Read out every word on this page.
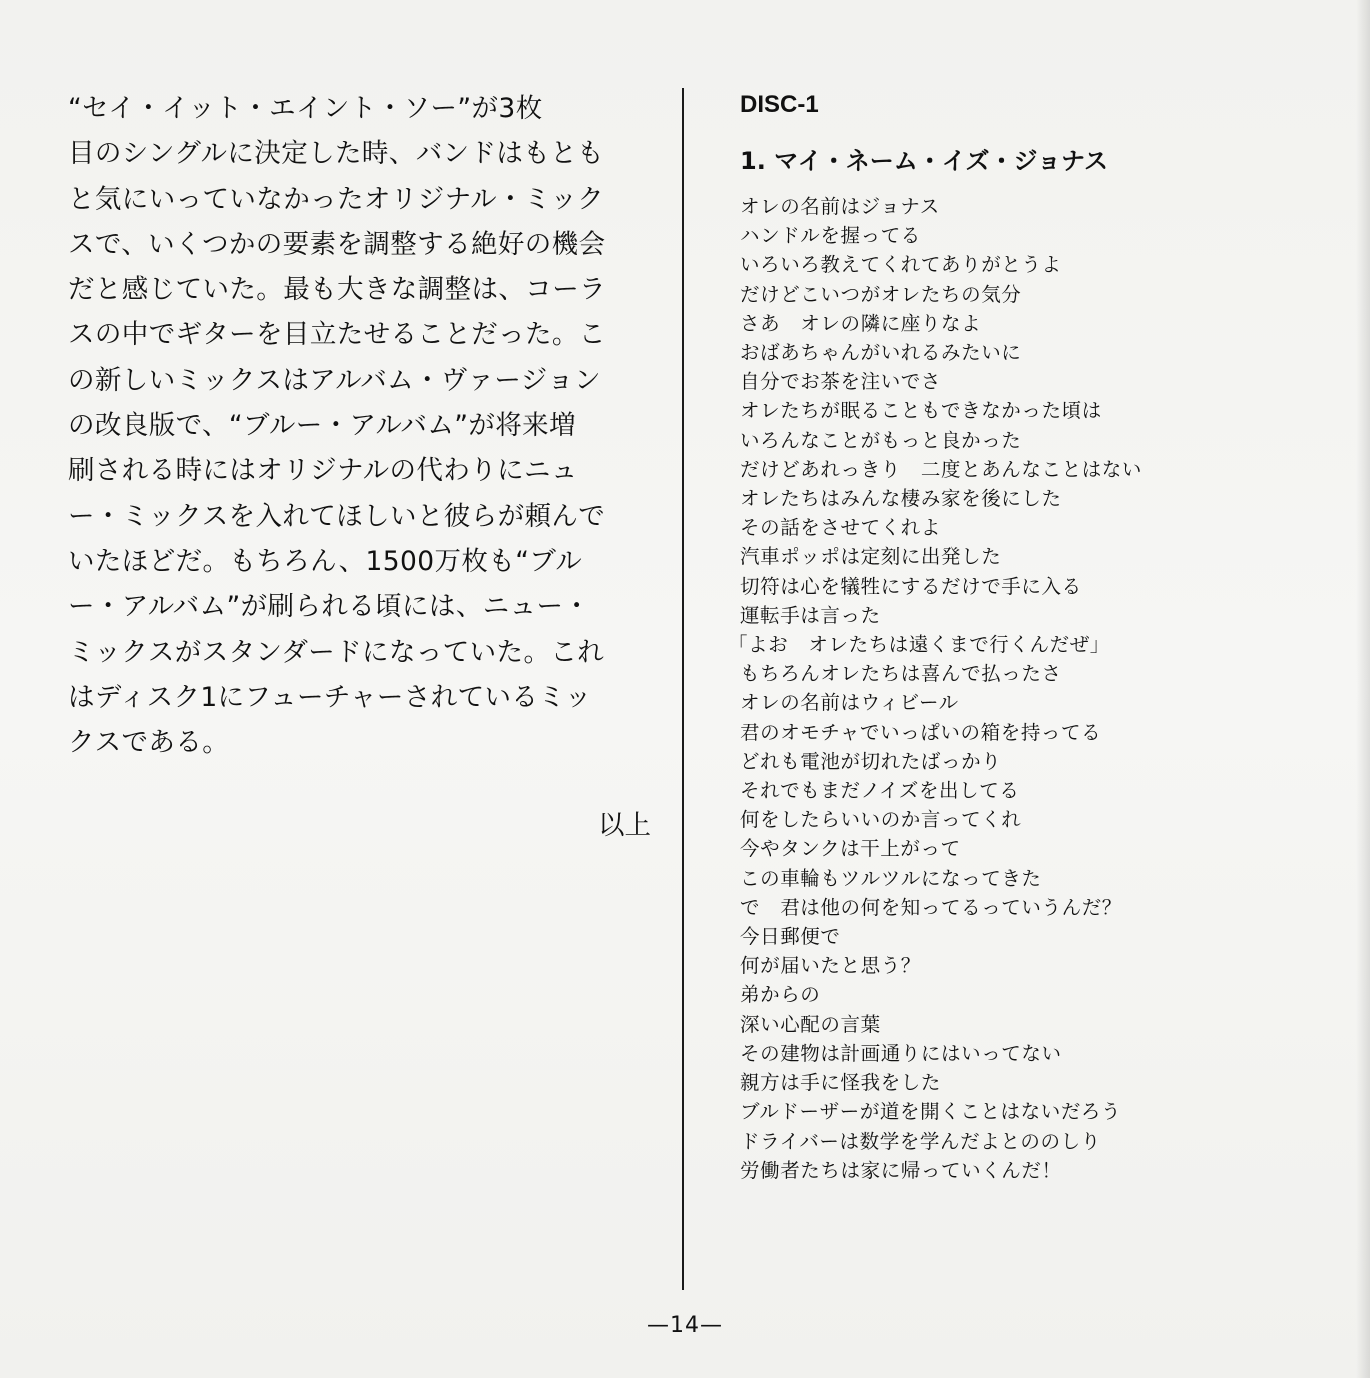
“セイ・イット・エイント・ソー”が3枚
目のシングルに決定した時、バンドはもとも
と気にいっていなかったオリジナル・ミック
スで、いくつかの要素を調整する絶好の機会
だと感じていた。最も大きな調整は、コーラ
スの中でギターを目立たせることだった。こ
の新しいミックスはアルバム・ヴァージョン
の改良版で、“ブルー・アルバム”が将来増
刷される時にはオリジナルの代わりにニュ
ー・ミックスを入れてほしいと彼らが頼んで
いたほどだ。もちろん、1500万枚も“ブル
ー・アルバム”が刷られる頃には、ニュー・
ミックスがスタンダードになっていた。これ
はディスク1にフューチャーされているミッ
クスである。

以上

DISC-1
1. マイ・ネーム・イズ・ジョナス
オレの名前はジョナス
ハンドルを握ってる
いろいろ教えてくれてありがとうよ
だけどこいつがオレたちの気分
さあ　オレの隣に座りなよ
おばあちゃんがいれるみたいに
自分でお茶を注いでさ
オレたちが眠ることもできなかった頃は
いろんなことがもっと良かった
だけどあれっきり　二度とあんなことはない
オレたちはみんな棲み家を後にした
その話をさせてくれよ
汽車ポッポは定刻に出発した
切符は心を犠牲にするだけで手に入る
運転手は言った
「よお　オレたちは遠くまで行くんだぜ」
もちろんオレたちは喜んで払ったさ
オレの名前はウィビール
君のオモチャでいっぱいの箱を持ってる
どれも電池が切れたばっかり
それでもまだノイズを出してる
何をしたらいいのか言ってくれ
今やタンクは干上がって
この車輪もツルツルになってきた
で　君は他の何を知ってるっていうんだ？
今日郵便で
何が届いたと思う？
弟からの
深い心配の言葉
その建物は計画通りにはいってない
親方は手に怪我をした
ブルドーザーが道を開くことはないだろう
ドライバーは数学を学んだよとののしり
労働者たちは家に帰っていくんだ！
—14—
